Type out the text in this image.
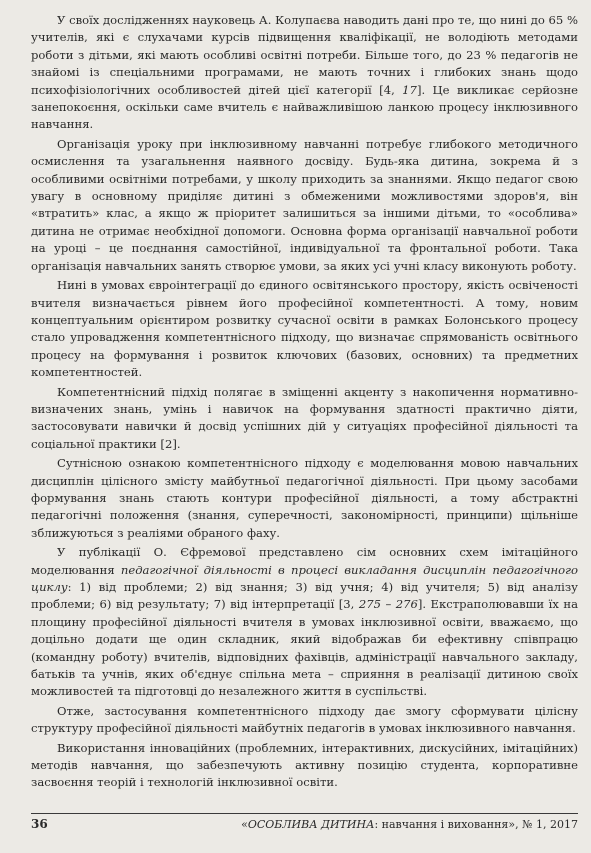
У своїх дослідженнях науковець А. Колупаєва наводить дані про те, що нині до 65 % учителів, які є слухачами курсів підвищення кваліфікації, не володіють методами роботи з дітьми, які мають особливі освітні потреби. Більше того, до 23 % педагогів не знайомі із спеціальними програмами, не мають точних і глибоких знань щодо психофізіологічних особливостей дітей цієї категорії [4, 17]. Це викликає серйозне занепокоєння, оскільки саме вчитель є найважливішою ланкою процесу інклюзивного навчання.

Організація уроку при інклюзивному навчанні потребує глибокого методичного осмислення та узагальнення наявного досвіду. Будь-яка дитина, зокрема й з особливими освітніми потребами, у школу приходить за знаннями. Якщо педагог свою увагу в основному приділяє дитині з обмеженими можливостями здоров'я, він «втратить» клас, а якщо ж пріоритет залишиться за іншими дітьми, то «особлива» дитина не отримає необхідної допомоги. Основна форма організації навчальної роботи на уроці – це поєднання самостійної, індивідуальної та фронтальної роботи. Така організація навчальних занять створює умови, за яких усі учні класу виконують роботу.

Нині в умовах євроінтеграції до єдиного освітянського простору, якість освіченості вчителя визначається рівнем його професійної компетентності. А тому, новим концептуальним орієнтиром розвитку сучасної освіти в рамках Болонського процесу стало упровадження компетентнісного підходу, що визначає спрямованість освітнього процесу на формування і розвиток ключових (базових, основних) та предметних компетентностей.

Компетентнісний підхід полягає в зміщенні акценту з накопичення нормативно-визначених знань, умінь і навичок на формування здатності практично діяти, застосовувати навички й досвід успішних дій у ситуаціях професійної діяльності та соціальної практики [2].

Сутнісною ознакою компетентнісного підходу є моделювання мовою навчальних дисциплін цілісного змісту майбутньої педагогічної діяльності. При цьому засобами формування знань стають контури професійної діяльності, а тому абстрактні педагогічні положення (знання, суперечності, закономірності, принципи) щільніше зближуються з реаліями обраного фаху.

У публікації О. Єфремової представлено сім основних схем імітаційного моделювання педагогічної діяльності в процесі викладання дисциплін педагогічного циклу: 1) від проблеми; 2) від знання; 3) від учня; 4) від учителя; 5) від аналізу проблеми; 6) від результату; 7) від інтерпретації [3, 275 – 276]. Екстраполювавши їх на площину професійної діяльності вчителя в умовах інклюзивної освіти, вважаємо, що доцільно додати ще один складник, який відображав би ефективну співпрацю (командну роботу) вчителів, відповідних фахівців, адміністрації навчального закладу, батьків та учнів, яких об'єднує спільна мета – сприяння в реалізації дитиною своїх можливостей та підготовці до незалежного життя в суспільстві.

Отже, застосування компетентнісного підходу дає змогу сформувати цілісну структуру професійної діяльності майбутніх педагогів в умовах інклюзивного навчання.

Використання інноваційних (проблемних, інтерактивних, дискусійних, імітаційних) методів навчання, що забезпечують активну позицію студента, корпоративне засвоєння теорій і технологій інклюзивної освіти.

36	«ОСОБЛИВА ДИТИНА: навчання і виховання», № 1, 2017
